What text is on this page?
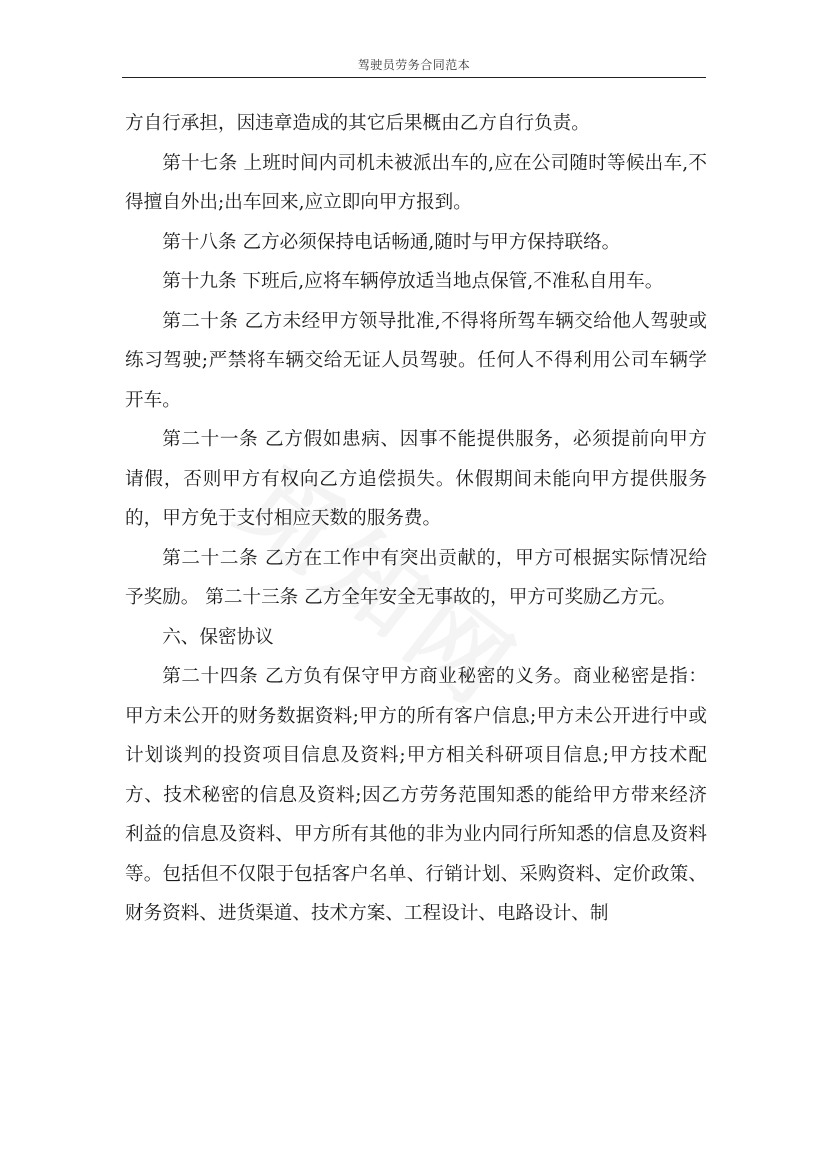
驾驶员劳务合同范本

方自行承担，因违章造成的其它后果概由乙方自行负责。

第十七条 上班时间内司机未被派出车的,应在公司随时等候出车,不得擅自外出;出车回来,应立即向甲方报到。

第十八条 乙方必须保持电话畅通,随时与甲方保持联络。

第十九条 下班后,应将车辆停放适当地点保管,不准私自用车。

第二十条 乙方未经甲方领导批准,不得将所驾车辆交给他人驾驶或练习驾驶;严禁将车辆交给无证人员驾驶。任何人不得利用公司车辆学开车。

第二十一条 乙方假如患病、因事不能提供服务，必须提前向甲方请假，否则甲方有权向乙方追偿损失。休假期间未能向甲方提供服务的，甲方免于支付相应天数的服务费。

第二十二条 乙方在工作中有突出贡献的，甲方可根据实际情况给予奖励。 第二十三条 乙方全年安全无事故的，甲方可奖励乙方元。

六、保密协议

第二十四条 乙方负有保守甲方商业秘密的义务。商业秘密是指：甲方未公开的财务数据资料;甲方的所有客户信息;甲方未公开进行中或计划谈判的投资项目信息及资料;甲方相关科研项目信息;甲方技术配方、技术秘密的信息及资料;因乙方劳务范围知悉的能给甲方带来经济利益的信息及资料、甲方所有其他的非为业内同行所知悉的信息及资料等。包括但不仅限于包括客户名单、行销计划、采购资料、定价政策、财务资料、进货渠道、技术方案、工程设计、电路设计、制
